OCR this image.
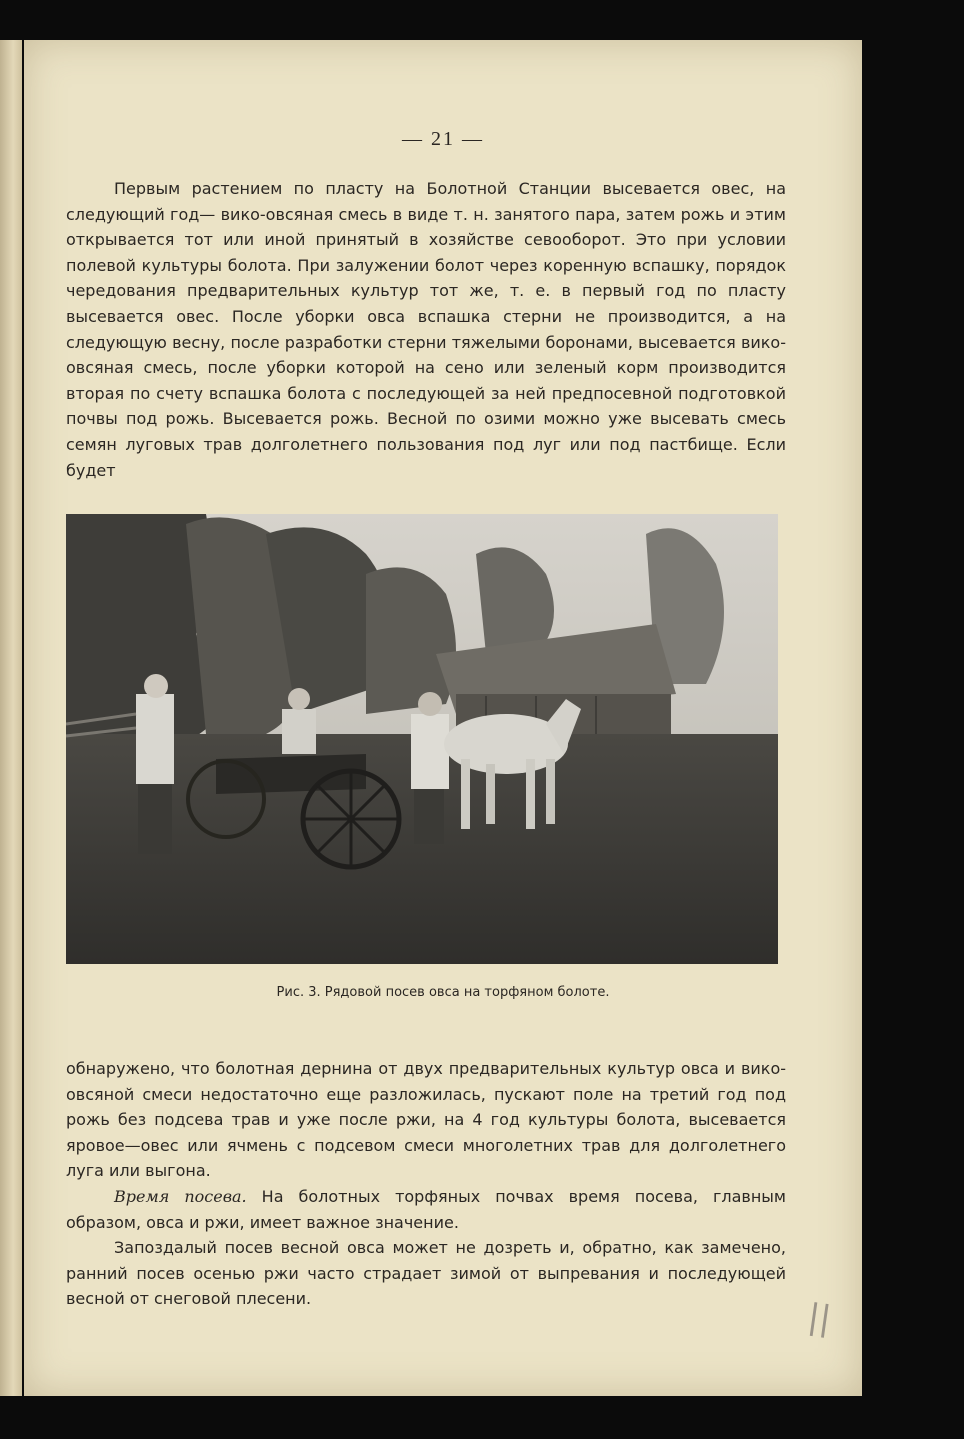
— 21 —

Первым растением по пласту на Болотной Станции высевается овес, на следующий год— вико-овсяная смесь в виде т. н. занятого пара, затем рожь и этим открывается тот или иной принятый в хозяйстве севооборот. Это при условии полевой культуры болота. При залужении болот через коренную вспашку, порядок чередования предварительных культур тот же, т. е. в первый год по пласту высевается овес. После уборки овса вспашка стерни не производится, а на следующую весну, после разработки стерни тяжелыми боронами, высевается вико-овсяная смесь, после уборки которой на сено или зеленый корм производится вторая по счету вспашка болота с последующей за ней предпосевной подготовкой почвы под рожь. Высевается рожь. Весной по озими можно уже высевать смесь семян луговых трав долголетнего пользования под луг или под пастбище. Если будет

Рис. 3. Рядовой посев овса на торфяном болоте.

обнаружено, что болотная дернина от двух предварительных культур овса и вико-овсяной смеси недостаточно еще разложилась, пускают поле на третий год под рожь без подсева трав и уже после ржи, на 4 год культуры болота, высевается яровое—овес или ячмень с подсевом смеси многолетних трав для долголетнего луга или выгона.

Время посева. На болотных торфяных почвах время посева, главным образом, овса и ржи, имеет важное значение.

Запоздалый посев весной овса может не дозреть и, обратно, как замечено, ранний посев осенью ржи часто страдает зимой от выпревания и последующей весной от снеговой плесени.	||
